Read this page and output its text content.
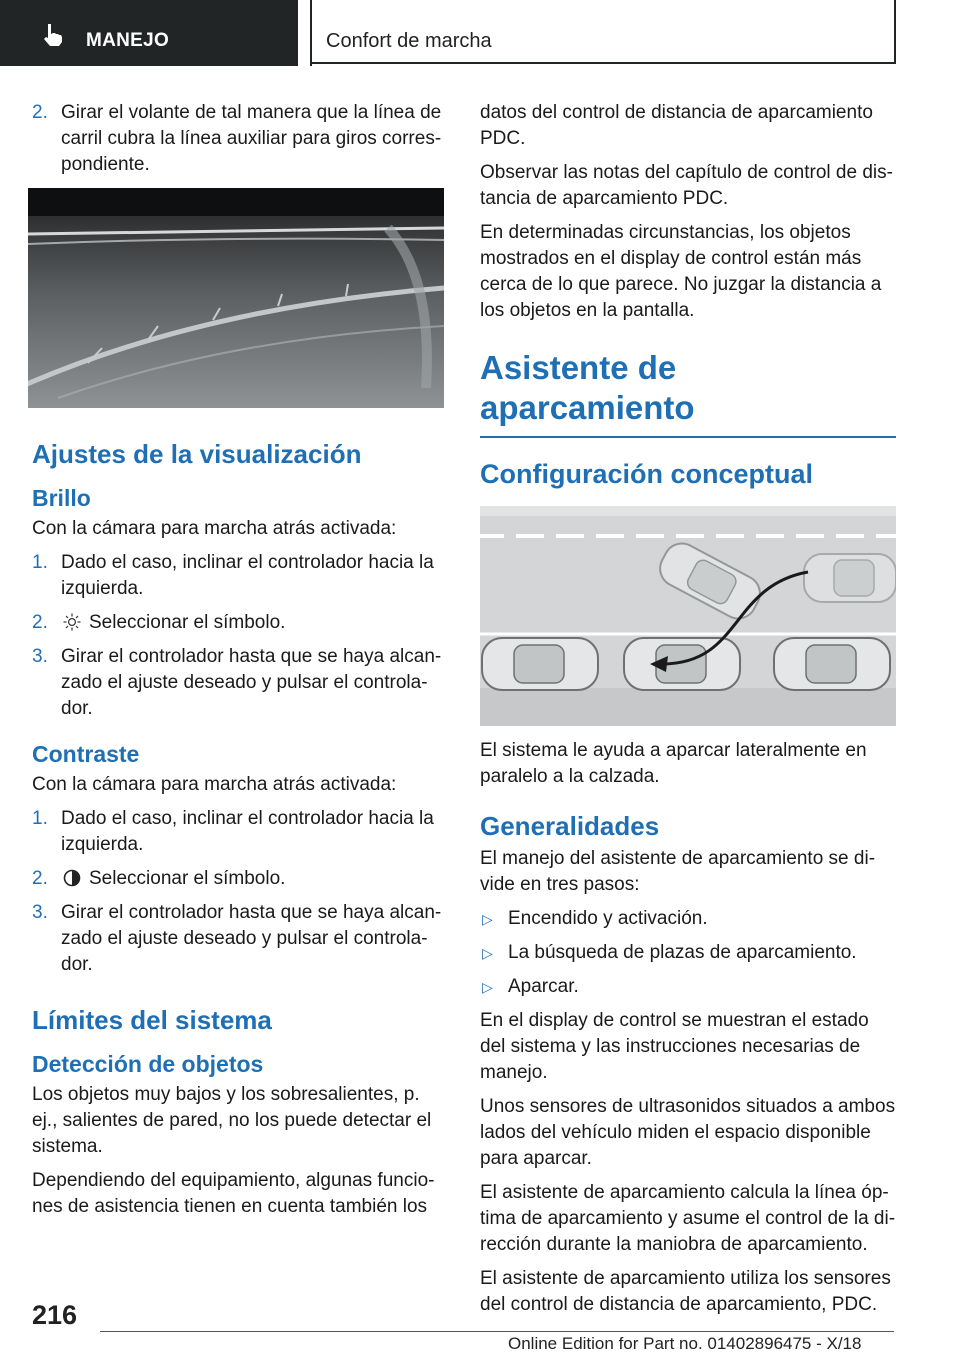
MANEJO	Confort de marcha
2. Girar el volante de tal manera que la línea de carril cubra la línea auxiliar para giros correspondiente.
Ajustes de la visualización
Brillo

Con la cámara para marcha atrás activada:

1. Dado el caso, inclinar el controlador hacia la izquierda.
2.	Seleccionar el símbolo.
3. Girar el controlador hasta que se haya alcanzado el ajuste deseado y pulsar el controlador.
Contraste

Con la cámara para marcha atrás activada:

1. Dado el caso, inclinar el controlador hacia la izquierda.
2.	Seleccionar el símbolo.
3. Girar el controlador hasta que se haya alcanzado el ajuste deseado y pulsar el controlador.
Límites del sistema
Detección de objetos

Los objetos muy bajos y los sobresalientes, p. ej., salientes de pared, no los puede detectar el sistema.

Dependiendo del equipamiento, algunas funciones de asistencia tienen en cuenta también los

datos del control de distancia de aparcamiento PDC.

Observar las notas del capítulo de control de distancia de aparcamiento PDC.

En determinadas circunstancias, los objetos mostrados en el display de control están más cerca de lo que parece. No juzgar la distancia a los objetos en la pantalla.

Asistente de aparcamiento
Configuración conceptual

El sistema le ayuda a aparcar lateralmente en paralelo a la calzada.

Generalidades

El manejo del asistente de aparcamiento se divide en tres pasos:

▷ Encendido y activación.
▷ La búsqueda de plazas de aparcamiento.
▷ Aparcar.

En el display de control se muestran el estado del sistema y las instrucciones necesarias de manejo.

Unos sensores de ultrasonidos situados a ambos lados del vehículo miden el espacio disponible para aparcar.

El asistente de aparcamiento calcula la línea óptima de aparcamiento y asume el control de la dirección durante la maniobra de aparcamiento.

El asistente de aparcamiento utiliza los sensores del control de distancia de aparcamiento, PDC.

216
Online Edition for Part no. 01402896475 - X/18
